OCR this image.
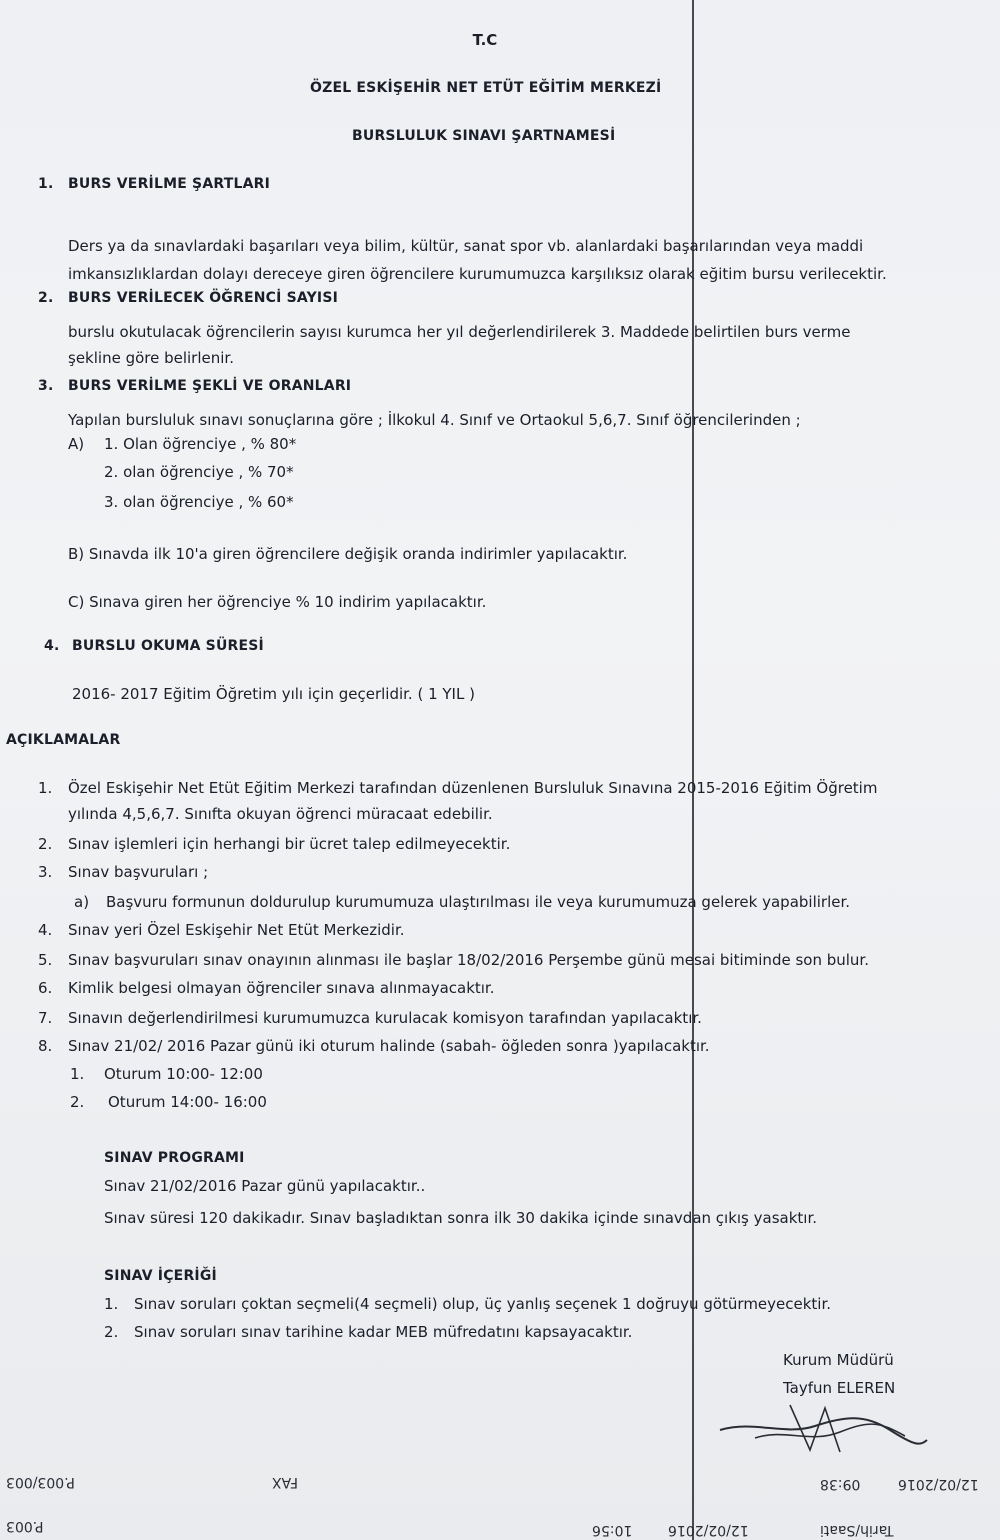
T.C
ÖZEL ESKİŞEHİR NET ETÜT EĞİTİM MERKEZİ
BURSLULUK SINAVI ŞARTNAMESİ
1. BURS VERİLME ŞARTLARI
Ders ya da sınavlardaki başarıları veya bilim, kültür, sanat spor vb. alanlardaki başarılarından veya maddi
imkansızlıklardan dolayı dereceye giren öğrencilere kurumumuzca karşılıksız olarak eğitim bursu verilecektir.
2. BURS VERİLECEK ÖĞRENCİ SAYISI
burslu okutulacak öğrencilerin sayısı kurumca her yıl değerlendirilerek 3. Maddede belirtilen burs verme
şekline göre belirlenir.
3. BURS VERİLME ŞEKLİ VE ORANLARI
Yapılan bursluluk sınavı sonuçlarına göre ; İlkokul 4. Sınıf ve Ortaokul 5,6,7. Sınıf öğrencilerinden ;
A) 1. Olan öğrenciye , % 80*
2. olan öğrenciye , % 70*
3. olan öğrenciye , % 60*
B) Sınavda ilk 10'a giren öğrencilere değişik oranda indirimler yapılacaktır.
C) Sınava giren her öğrenciye % 10 indirim yapılacaktır.
4. BURSLU OKUMA SÜRESİ
2016- 2017 Eğitim Öğretim yılı için geçerlidir. ( 1 YIL )
AÇIKLAMALAR
1. Özel Eskişehir Net Etüt Eğitim Merkezi tarafından düzenlenen Bursluluk Sınavına 2015-2016 Eğitim Öğretim
yılında 4,5,6,7. Sınıfta okuyan öğrenci müracaat edebilir.
2. Sınav işlemleri için herhangi bir ücret talep edilmeyecektir.
3. Sınav başvuruları ;
a) Başvuru formunun doldurulup kurumumuza ulaştırılması ile veya kurumumuza gelerek yapabilirler.
4. Sınav yeri Özel Eskişehir Net Etüt Merkezidir.
5. Sınav başvuruları sınav onayının alınması ile başlar 18/02/2016 Perşembe günü mesai bitiminde son bulur.
6. Kimlik belgesi olmayan öğrenciler sınava alınmayacaktır.
7. Sınavın değerlendirilmesi kurumumuzca kurulacak komisyon tarafından yapılacaktır.
8. Sınav 21/02/ 2016 Pazar günü iki oturum halinde (sabah- öğleden sonra )yapılacaktır.
1. Oturum 10:00- 12:00
2. Oturum 14:00- 16:00
SINAV PROGRAMI
Sınav 21/02/2016 Pazar günü yapılacaktır..
Sınav süresi 120 dakikadır. Sınav başladıktan sonra ilk 30 dakika içinde sınavdan çıkış yasaktır.
SINAV İÇERİĞİ
1. Sınav soruları çoktan seçmeli(4 seçmeli) olup, üç yanlış seçenek 1 doğruyu götürmeyecektir.
2. Sınav soruları sınav tarihine kadar MEB müfredatını kapsayacaktır.
Kurum Müdürü
Tayfun ELEREN
P.003/003
P.003
FAX
10:56	12/02/2016	Tarih/Saati
09:38	12/02/2016
